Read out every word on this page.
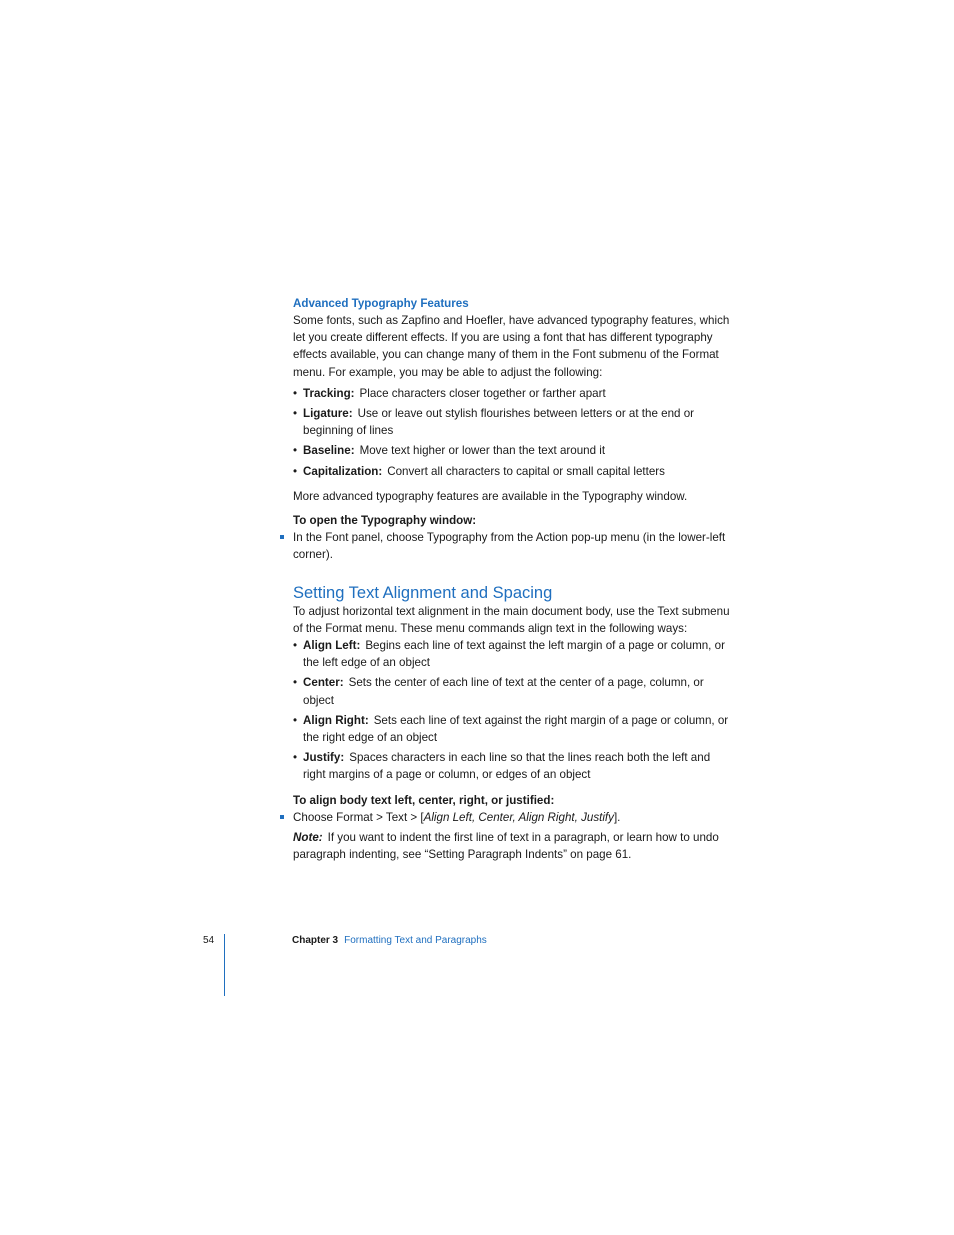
Advanced Typography Features

Some fonts, such as Zapfino and Hoefler, have advanced typography features, which let you create different effects. If you are using a font that has different typography effects available, you can change many of them in the Font submenu of the Format menu. For example, you may be able to adjust the following:

• Tracking: Place characters closer together or farther apart
• Ligature: Use or leave out stylish flourishes between letters or at the end or beginning of lines
• Baseline: Move text higher or lower than the text around it
• Capitalization: Convert all characters to capital or small capital letters

More advanced typography features are available in the Typography window.

To open the Typography window:

In the Font panel, choose Typography from the Action pop-up menu (in the lower-left corner).

Setting Text Alignment and Spacing

To adjust horizontal text alignment in the main document body, use the Text submenu of the Format menu. These menu commands align text in the following ways:

• Align Left: Begins each line of text against the left margin of a page or column, or the left edge of an object
• Center: Sets the center of each line of text at the center of a page, column, or object
• Align Right: Sets each line of text against the right margin of a page or column, or the right edge of an object
• Justify: Spaces characters in each line so that the lines reach both the left and right margins of a page or column, or edges of an object

To align body text left, center, right, or justified:

Choose Format > Text > [Align Left, Center, Align Right, Justify].

Note: If you want to indent the first line of text in a paragraph, or learn how to undo paragraph indenting, see “Setting Paragraph Indents” on page 61.

54	Chapter 3 Formatting Text and Paragraphs
